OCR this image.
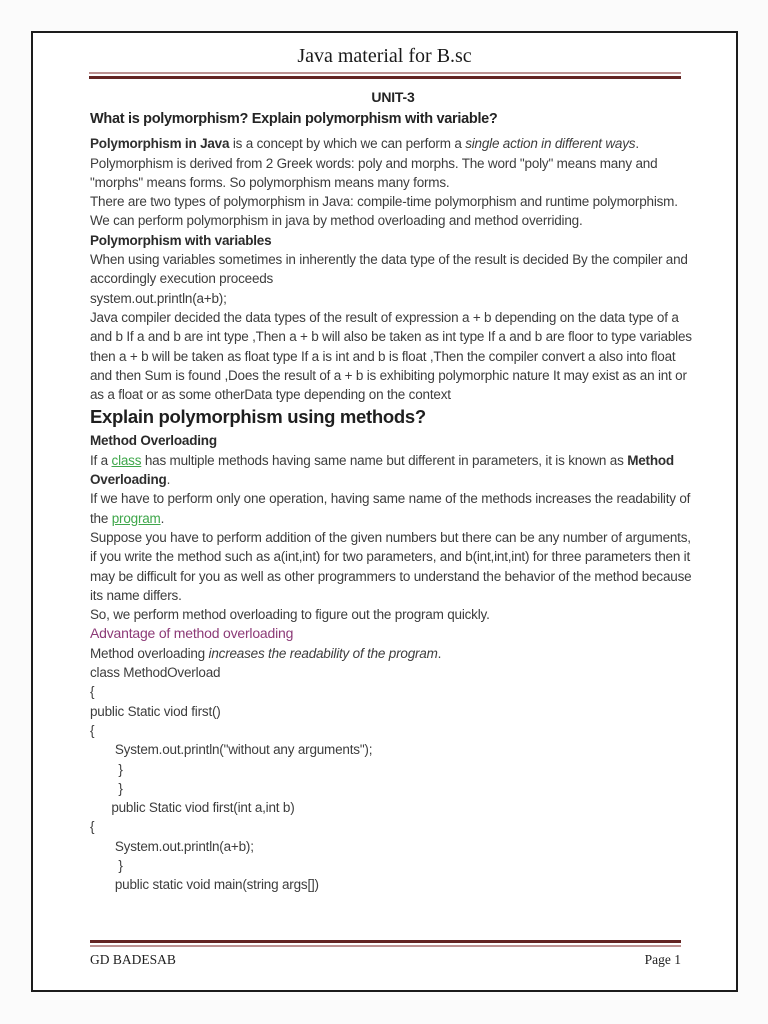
Java material for B.sc

UNIT-3

What is polymorphism? Explain polymorphism with variable?

Polymorphism in Java is a concept by which we can perform a single action in different ways.

Polymorphism is derived from 2 Greek words: poly and morphs. The word "poly" means many and "morphs" means forms. So polymorphism means many forms.

There are two types of polymorphism in Java: compile-time polymorphism and runtime polymorphism. We can perform polymorphism in java by method overloading and method overriding.

Polymorphism with variables

When using variables sometimes in inherently the data type of the result is decided By the compiler and accordingly execution proceeds

system.out.println(a+b);

Java compiler decided the data types of the result of expression a + b depending on the data type of a and b If a and b are int type ,Then a + b will also be taken as int type If a and b are floor to type variables then a + b will be taken as float type If a is int and b is float ,Then the compiler convert a also into float and then Sum is found ,Does the result of a + b is exhibiting polymorphic nature It may exist as an int or as a float or as some otherData type depending on the context

Explain polymorphism using methods?

Method Overloading

If a class has multiple methods having same name but different in parameters, it is known as Method Overloading.

If we have to perform only one operation, having same name of the methods increases the readability of the program.

Suppose you have to perform addition of the given numbers but there can be any number of arguments, if you write the method such as a(int,int) for two parameters, and b(int,int,int) for three parameters then it may be difficult for you as well as other programmers to understand the behavior of the method because its name differs.

So, we perform method overloading to figure out the program quickly.

Advantage of method overloading

Method overloading increases the readability of the program.

class MethodOverload
{
public Static viod first()
{
System.out.println("without any arguments");
}
}
public Static viod first(int a,int b)
{
System.out.println(a+b);
}
public static void main(string args[])
GD BADESAB	Page 1
